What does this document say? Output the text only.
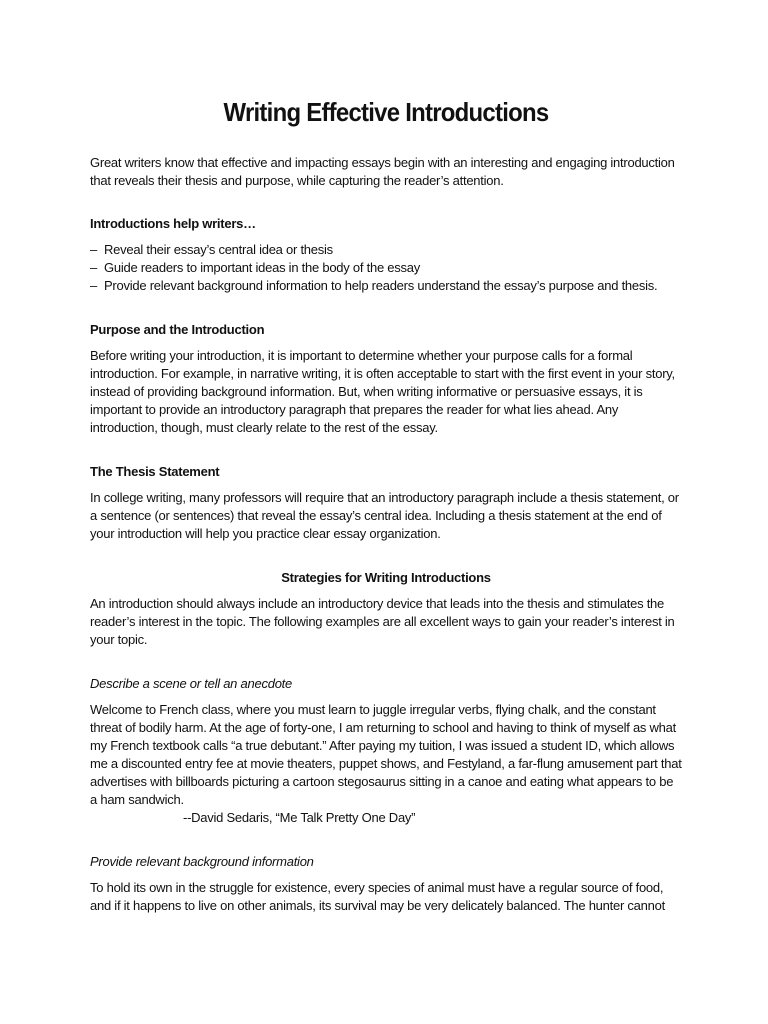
Writing Effective Introductions

Great writers know that effective and impacting essays begin with an interesting and engaging introduction that reveals their thesis and purpose, while capturing the reader’s attention.

Introductions help writers…
– Reveal their essay’s central idea or thesis
– Guide readers to important ideas in the body of the essay
– Provide relevant background information to help readers understand the essay’s purpose and thesis.
Purpose and the Introduction

Before writing your introduction, it is important to determine whether your purpose calls for a formal introduction. For example, in narrative writing, it is often acceptable to start with the first event in your story, instead of providing background information. But, when writing informative or persuasive essays, it is important to provide an introductory paragraph that prepares the reader for what lies ahead. Any introduction, though, must clearly relate to the rest of the essay.

The Thesis Statement

In college writing, many professors will require that an introductory paragraph include a thesis statement, or a sentence (or sentences) that reveal the essay’s central idea. Including a thesis statement at the end of your introduction will help you practice clear essay organization.

Strategies for Writing Introductions

An introduction should always include an introductory device that leads into the thesis and stimulates the reader’s interest in the topic. The following examples are all excellent ways to gain your reader’s interest in your topic.

Describe a scene or tell an anecdote

Welcome to French class, where you must learn to juggle irregular verbs, flying chalk, and the constant threat of bodily harm. At the age of forty-one, I am returning to school and having to think of myself as what my French textbook calls “a true debutant.” After paying my tuition, I was issued a student ID, which allows me a discounted entry fee at movie theaters, puppet shows, and Festyland, a far-flung amusement part that advertises with billboards picturing a cartoon stegosaurus sitting in a canoe and eating what appears to be a ham sandwich.

--David Sedaris, “Me Talk Pretty One Day”
Provide relevant background information

To hold its own in the struggle for existence, every species of animal must have a regular source of food, and if it happens to live on other animals, its survival may be very delicately balanced. The hunter cannot
